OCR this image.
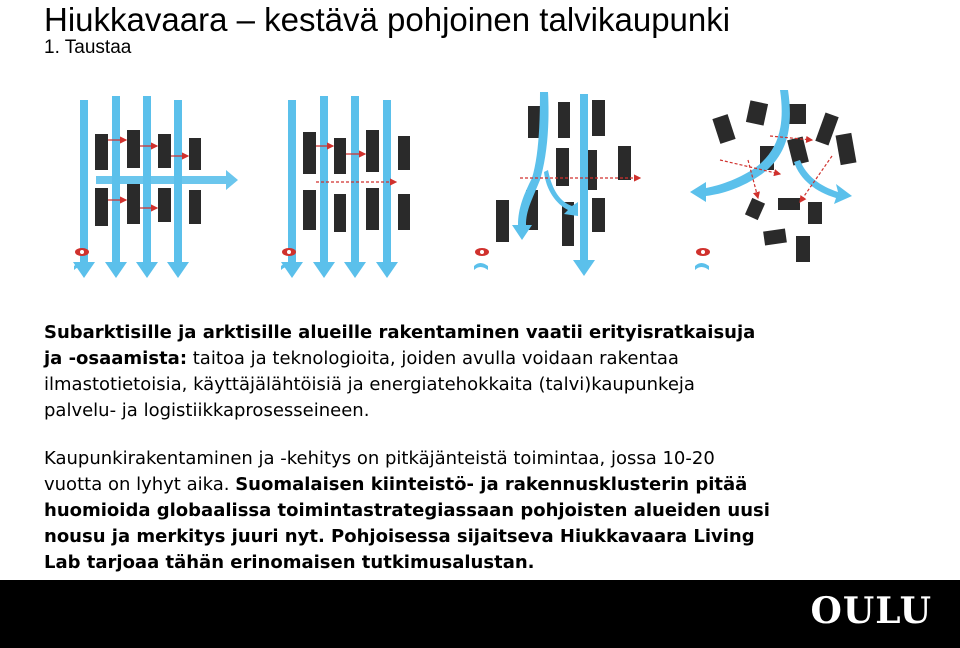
Hiukkavaara – kestävä pohjoinen talvikaupunki
1. Taustaa

Subarktisille ja arktisille alueille rakentaminen vaatii erityisratkaisuja

ja -osaamista: taitoa ja teknologioita, joiden avulla voidaan rakentaa

ilmastotietoisia, käyttäjälähtöisiä ja energiatehokkaita (talvi)kaupunkeja

palvelu- ja logistiikkaprosesseineen.

Kaupunkirakentaminen ja -kehitys on pitkäjänteistä toimintaa, jossa 10-20

vuotta on lyhyt aika. Suomalaisen kiinteistö- ja rakennusklusterin pitää

huomioida globaalissa toimintastrategiassaan pohjoisten alueiden uusi

nousu ja merkitys juuri nyt. Pohjoisessa sijaitseva Hiukkavaara Living

Lab tarjoaa tähän erinomaisen tutkimusalustan.

OULU
